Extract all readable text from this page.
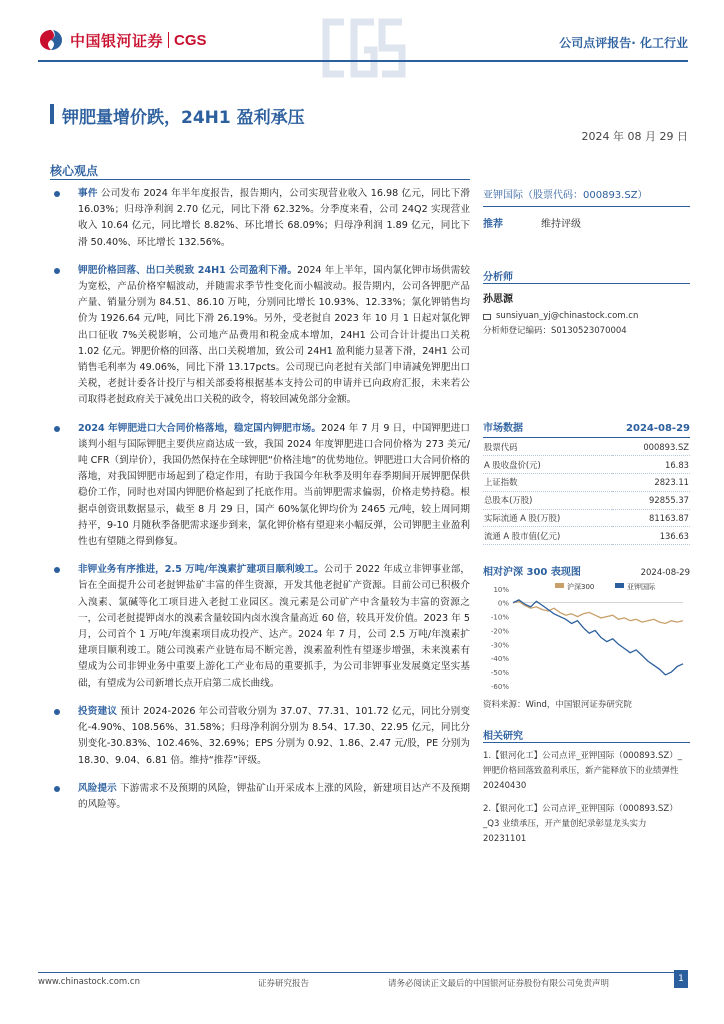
中国银河证券 CGS	公司点评报告· 化工行业
钾肥量增价跌，24H1 盈利承压
2024 年 08 月 29 日
核心观点
事件 公司发布 2024 年半年度报告，报告期内，公司实现营业收入 16.98 亿元，同比下滑 16.03%；归母净利润 2.70 亿元，同比下滑 62.32%。分季度来看，公司 24Q2 实现营业收入 10.64 亿元，同比增长 8.82%、环比增长 68.09%；归母净利润 1.89 亿元，同比下滑 50.40%、环比增长 132.56%。
钾肥价格回落、出口关税致 24H1 公司盈利下滑。2024 年上半年，国内氯化钾市场供需较为宽松，产品价格窄幅波动，并随需求季节性变化而小幅波动。报告期内，公司各钾肥产品产量、销量分别为 84.51、86.10 万吨，分别同比增长 10.93%、12.33%；氯化钾销售均价为 1926.64 元/吨，同比下滑 26.19%。另外，受老挝自 2023 年 10 月 1 日起对氯化钾出口征收 7%关税影响，公司地产品费用和税金成本增加，24H1 公司合计计提出口关税 1.02 亿元。钾肥价格的回落、出口关税增加，致公司 24H1 盈利能力显著下滑，24H1 公司销售毛利率为 49.06%，同比下滑 13.17pcts。公司现已向老挝有关部门申请减免钾肥出口关税，老挝计委各计投厅与相关部委将根据基本支持公司的申请并已向政府汇报，未来若公司取得老挝政府关于减免出口关税的政令，将较回减免部分金额。
2024 年钾肥进口大合同价格落地，稳定国内钾肥市场。2024 年 7 月 9 日，中国钾肥进口谈判小组与国际钾肥主要供应商达成一致，我国 2024 年度钾肥进口合同价格为 273 美元/吨 CFR（到岸价），我国仍然保持在全球钾肥“价格洼地”的优势地位。钾肥进口大合同价格的落地，对我国钾肥市场起到了稳定作用，有助于我国今年秋季及明年春季期间开展钾肥保供稳价工作，同时也对国内钾肥价格起到了托底作用。当前钾肥需求偏弱，价格走势持稳。根据卓创资讯数据显示，截至 8 月 29 日，国产 60%氯化钾均价为 2465 元/吨，较上周同期持平，9-10 月随秋季备肥需求逐步到来，氯化钾价格有望迎来小幅反弹，公司钾肥主业盈利性也有望随之得到修复。
非钾业务有序推进，2.5 万吨/年溴素扩建项目顺利竣工。公司于 2022 年成立非钾事业部，旨在全面提升公司老挝钾盐矿丰富的伴生资源，开发其他老挝矿产资源。目前公司已积极介入溴素、氯碱等化工项目进入老挝工业园区。溴元素是公司矿产中含量较为丰富的资源之一，公司老挝提钾卤水的溴素含量较国内卤水溴含量高近 60 倍，较具开发价值。2023 年 5 月，公司首个 1 万吨/年溴素项目成功投产、达产。2024 年 7 月，公司 2.5 万吨/年溴素扩建项目顺利竣工。随公司溴素产业链布局不断完善，溴素盈利性有望逐步增强，未来溴素有望成为公司非钾业务中重要上游化工产业布局的重要抓手，为公司非钾事业发展奠定坚实基础，有望成为公司新增长点开启第二成长曲线。
投资建议 预计 2024-2026 年公司营收分别为 37.07、77.31、101.72 亿元，同比分别变化-4.90%、108.56%、31.58%；归母净利润分别为 8.54、17.30、22.95 亿元，同比分别变化-30.83%、102.46%、32.69%；EPS 分别为 0.92、1.86、2.47 元/股，PE 分别为 18.30、9.04、6.81 倍。维持“推荐”评级。
风险提示 下游需求不及预期的风险，钾盐矿山开采成本上涨的风险，新建项目达产不及预期的风险等。
亚钾国际（股票代码：000893.SZ）
推荐	维持评级
分析师
孙思源
sunsiyuan_yj@chinastock.com.cn
分析师登记编码：S0130523070004
市场数据	2024-08-29
股票代码	000893.SZ
A 股收盘价(元)	16.83
上证指数	2823.11
总股本(万股)	92855.37
实际流通 A 股(万股)	81163.87
流通 A 股市值(亿元)	136.63
相对沪深 300 表现图	2024-08-29
10%
0%
-10%
-20%
-30%
-40%
-50%
-60%
沪深300	亚钾国际
资料来源：Wind，中国银河证券研究院
相关研究
1.【银河化工】公司点评_亚钾国际（000893.SZ）_钾肥价格回落致盈利承压，新产能释放下的业绩弹性 20240430
2.【银河化工】公司点评_亚钾国际（000893.SZ）_Q3 业绩承压，开产量创纪录彰显龙头实力 20231101
www.chinastock.com.cn	证券研究报告	请务必阅读正文最后的中国银河证券股份有限公司免责声明	1
